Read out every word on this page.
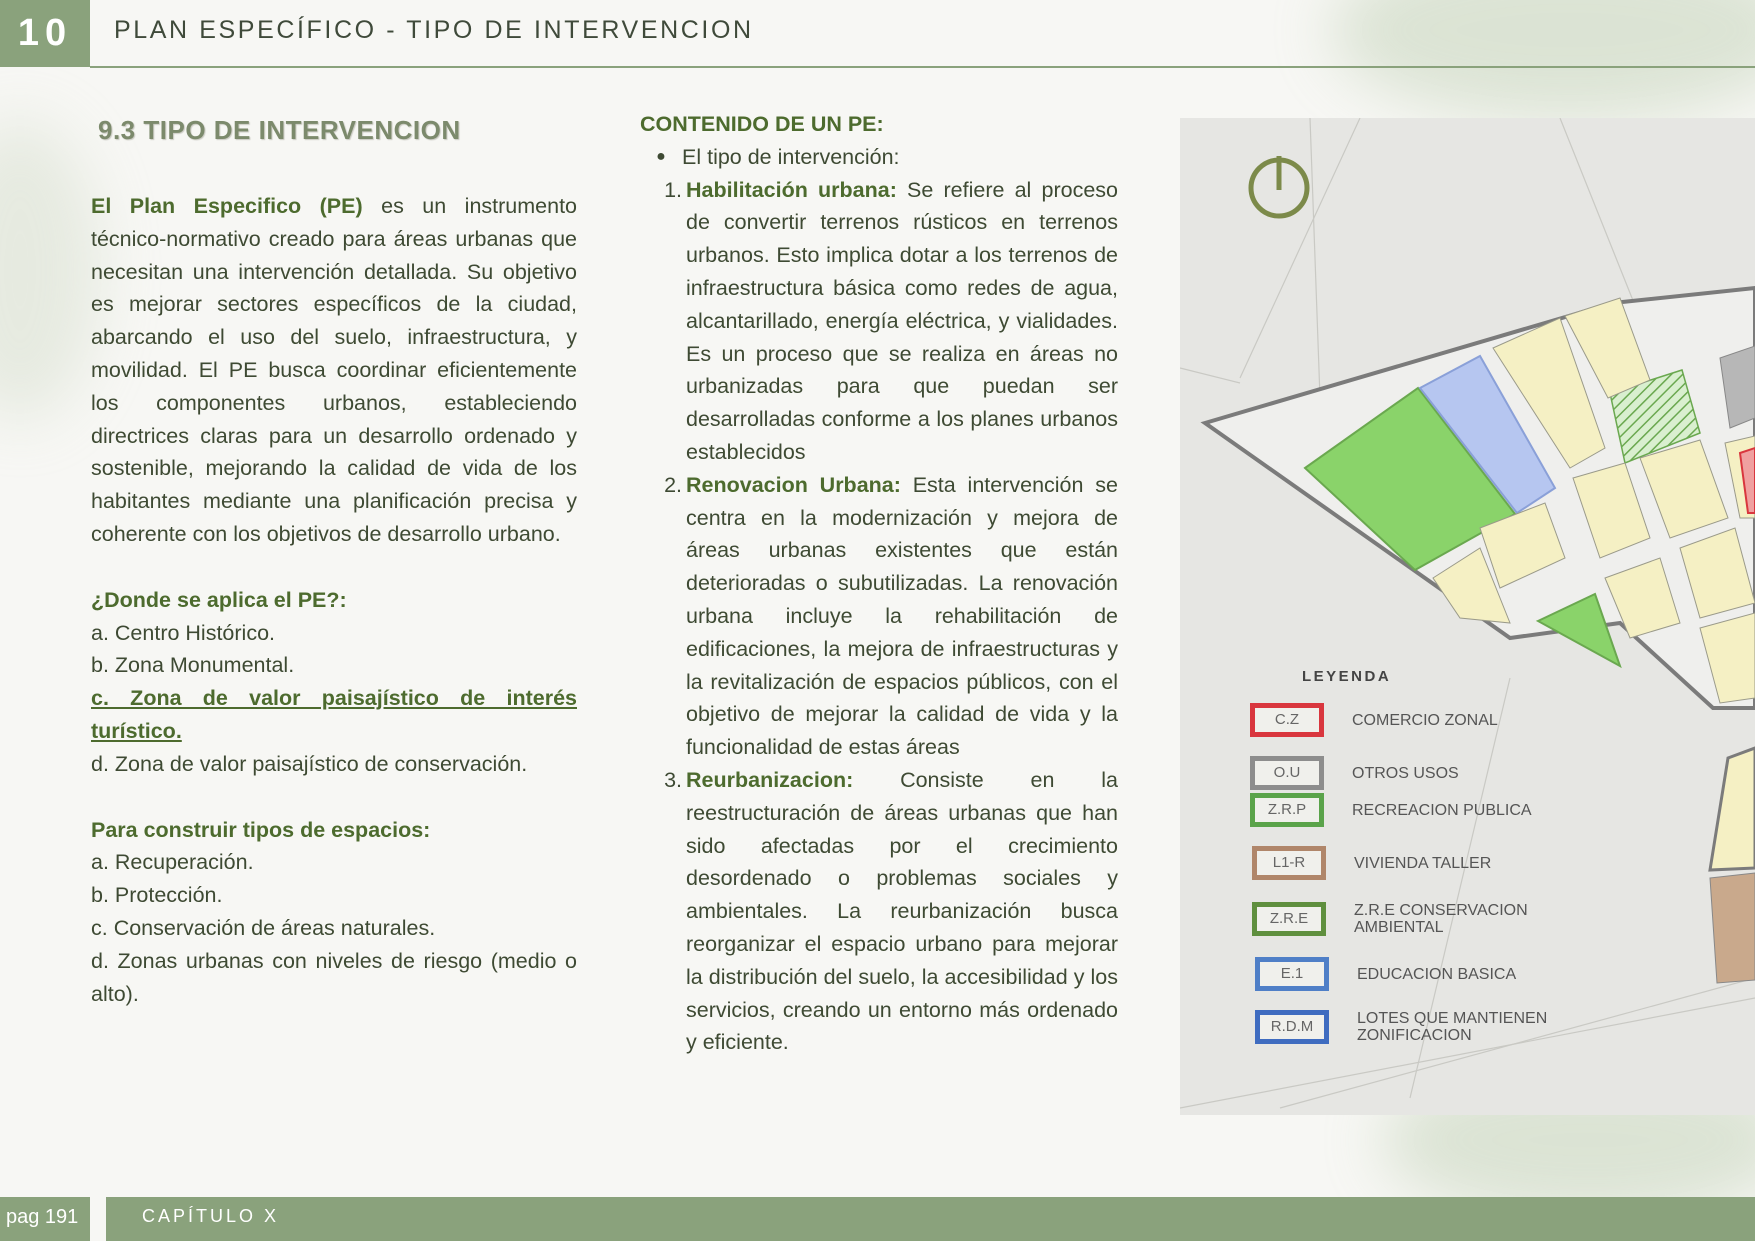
10 PLAN ESPECÍFICO - TIPO DE INTERVENCION
9.3 TIPO DE INTERVENCION
El Plan Especifico (PE) es un instrumento técnico-normativo creado para áreas urbanas que necesitan una intervención detallada. Su objetivo es mejorar sectores específicos de la ciudad, abarcando el uso del suelo, infraestructura, y movilidad. El PE busca coordinar eficientemente los componentes urbanos, estableciendo directrices claras para un desarrollo ordenado y sostenible, mejorando la calidad de vida de los habitantes mediante una planificación precisa y coherente con los objetivos de desarrollo urbano.
¿Donde se aplica el PE?:
a. Centro Histórico.
b. Zona Monumental.
c. Zona de valor paisajístico de interés turístico.
d. Zona de valor paisajístico de conservación.
Para construir tipos de espacios:
a. Recuperación.
b. Protección.
c. Conservación de áreas naturales.
d. Zonas urbanas con niveles de riesgo (medio o alto).
CONTENIDO DE UN PE:
● El tipo de intervención:
1. Habilitación urbana: Se refiere al proceso de convertir terrenos rústicos en terrenos urbanos. Esto implica dotar a los terrenos de infraestructura básica como redes de agua, alcantarillado, energía eléctrica, y vialidades. Es un proceso que se realiza en áreas no urbanizadas para que puedan ser desarrolladas conforme a los planes urbanos establecidos
2. Renovacion Urbana: Esta intervención se centra en la modernización y mejora de áreas urbanas existentes que están deterioradas o subutilizadas. La renovación urbana incluye la rehabilitación de edificaciones, la mejora de infraestructuras y la revitalización de espacios públicos, con el objetivo de mejorar la calidad de vida y la funcionalidad de estas áreas
3. Reurbanizacion: Consiste en la reestructuración de áreas urbanas que han sido afectadas por el crecimiento desordenado o problemas sociales y ambientales. La reurbanización busca reorganizar el espacio urbano para mejorar la distribución del suelo, la accesibilidad y los servicios, creando un entorno más ordenado y eficiente.
LEYENDA
C.Z	COMERCIO ZONAL
O.U	OTROS USOS
Z.R.P	RECREACION PUBLICA
L1-R	VIVIENDA TALLER
Z.R.E	Z.R.E CONSERVACION AMBIENTAL
E.1	EDUCACION BASICA
R.D.M	LOTES QUE MANTIENEN ZONIFICACION
pag 191	CAPÍTULO X
